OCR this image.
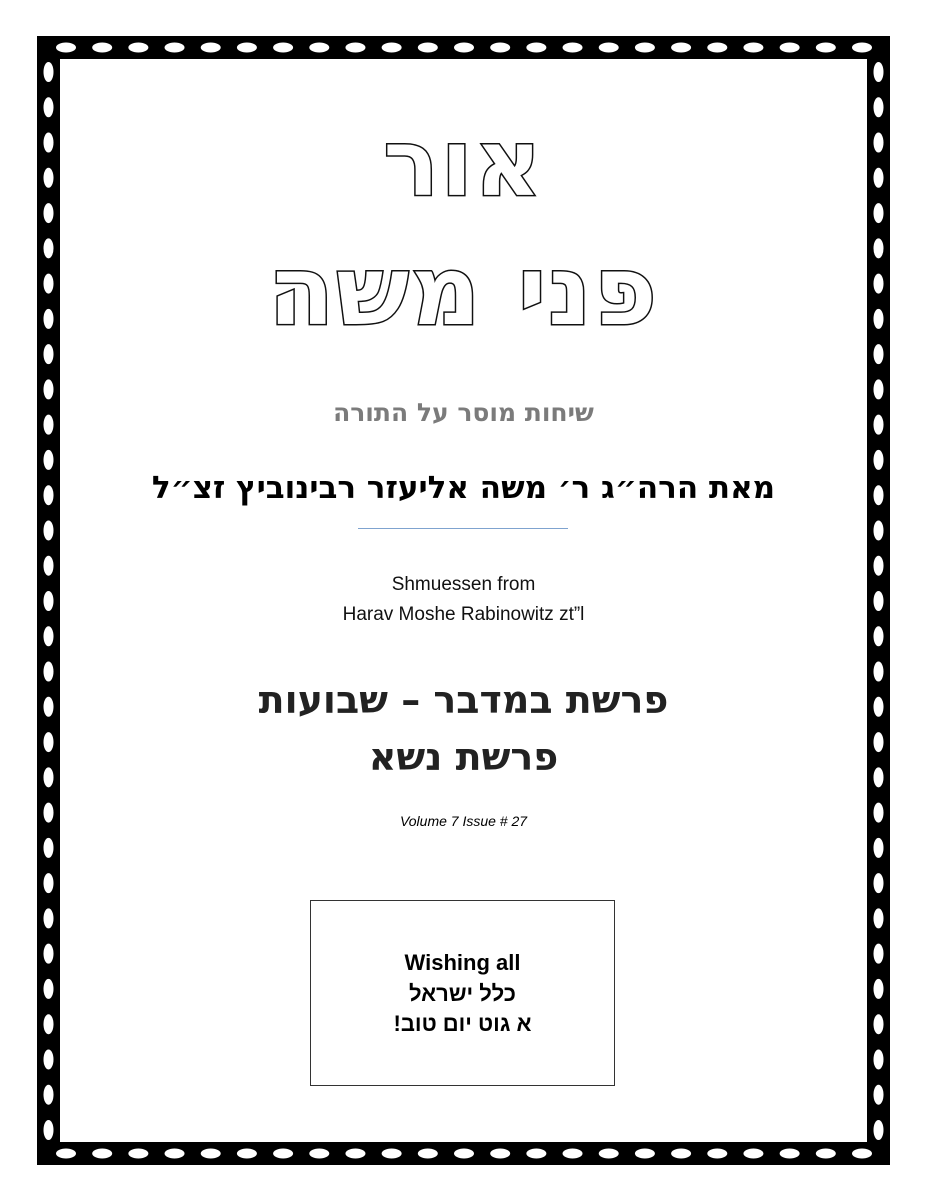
אור
פני משה

שיחות מוסר על התורה

מאת הרה״ג ר׳ משה אליעזר רבינוביץ זצ״ל

Shmuessen from

Harav Moshe Rabinowitz zt”l

פרשת במדבר – שבועות

פרשת נשא

Volume 7 Issue # 27

Wishing all

כלל ישראל

א גוט יום טוב!
